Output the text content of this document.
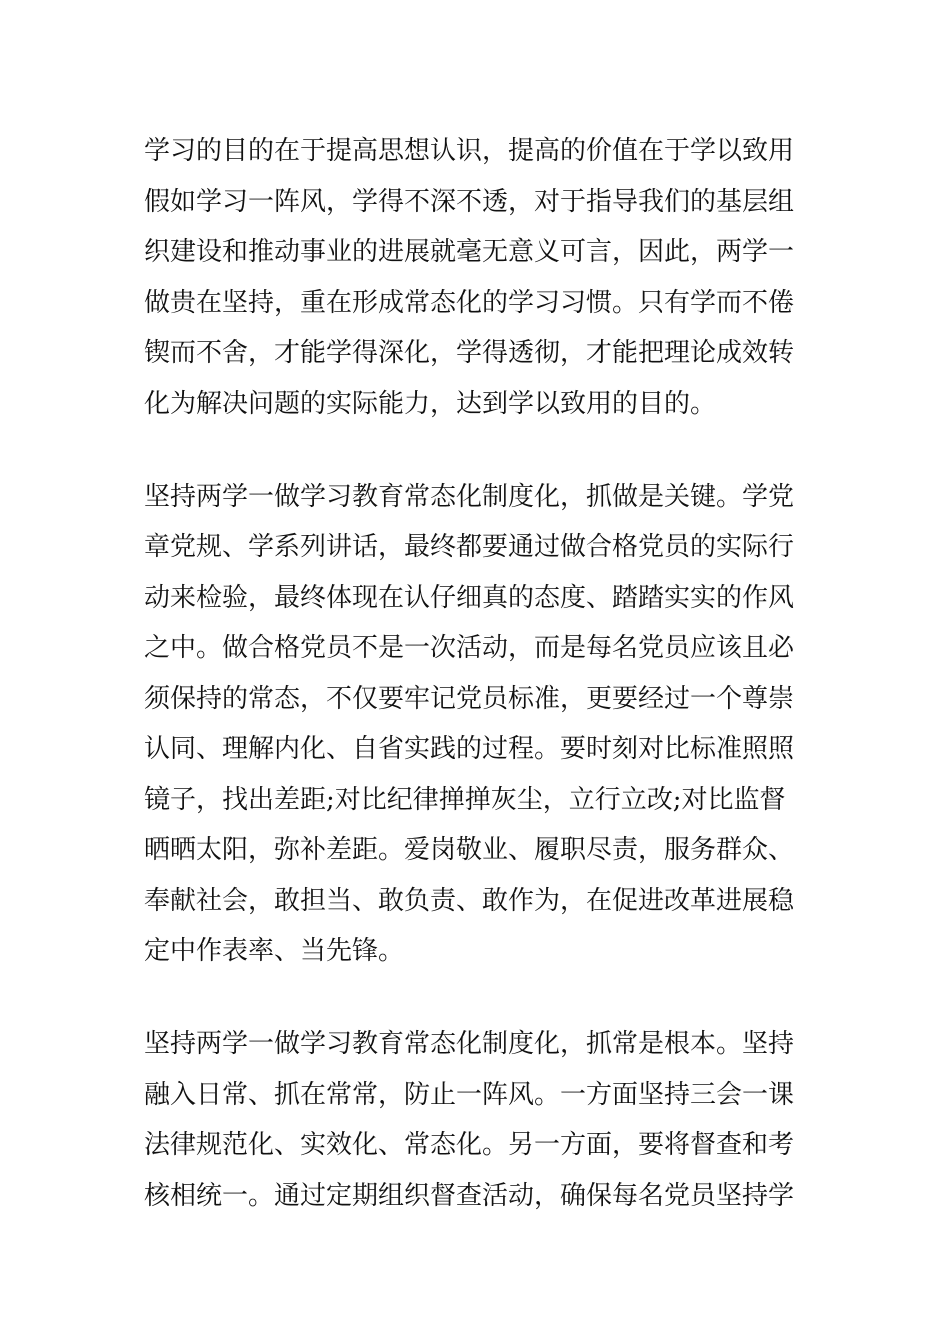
学习的目的在于提高思想认识，提高的价值在于学以致用
假如学习一阵风，学得不深不透，对于指导我们的基层组
织建设和推动事业的进展就毫无意义可言，因此，两学一
做贵在坚持，重在形成常态化的学习习惯。只有学而不倦
锲而不舍，才能学得深化，学得透彻，才能把理论成效转
化为解决问题的实际能力，达到学以致用的目的。
坚持两学一做学习教育常态化制度化，抓做是关键。学党
章党规、学系列讲话，最终都要通过做合格党员的实际行
动来检验，最终体现在认仔细真的态度、踏踏实实的作风
之中。做合格党员不是一次活动，而是每名党员应该且必
须保持的常态，不仅要牢记党员标准，更要经过一个尊崇
认同、理解内化、自省实践的过程。要时刻对比标准照照
镜子，找出差距;对比纪律掸掸灰尘，立行立改;对比监督
晒晒太阳，弥补差距。爱岗敬业、履职尽责，服务群众、
奉献社会，敢担当、敢负责、敢作为，在促进改革进展稳
定中作表率、当先锋。
坚持两学一做学习教育常态化制度化，抓常是根本。坚持
融入日常、抓在常常，防止一阵风。一方面坚持三会一课
法律规范化、实效化、常态化。另一方面，要将督查和考
核相统一。通过定期组织督查活动，确保每名党员坚持学
